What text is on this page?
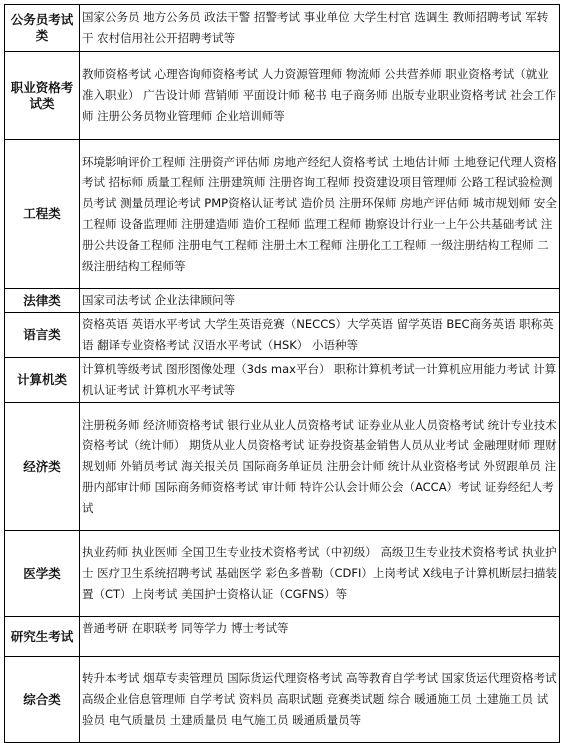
公务员考试类	国家公务员 地方公务员 政法干警 招警考试 事业单位 大学生村官 选调生 教师招聘考试 军转干 农村信用社公开招聘考试等
职业资格考试类	教师资格考试 心理咨询师资格考试 人力资源管理师 物流师 公共营养师 职业资格考试（就业准入职业） 广告设计师 营销师 平面设计师 秘书 电子商务师 出版专业职业资格考试 社会工作师 注册公务员物业管理师 企业培训师等
工程类	环境影响评价工程师 注册资产评估师 房地产经纪人资格考试 土地估计师 土地登记代理人资格考试 招标师 质量工程师 注册建筑师 注册咨询工程师 投资建设项目管理师 公路工程试验检测员考试 测量员理论考试 PMP资格认证考试 造价员 注册环保师 房地产评估师 城市规划师 安全工程师 设备监理师 注册建造师 造价工程师 监理工程师 勘察设计行业一上午公共基础考试 注册公共设备工程师 注册电气工程师 注册土木工程师 注册化工工程师 一级注册结构工程师 二级注册结构工程师等
法律类	国家司法考试 企业法律顾问等
语言类	资格英语 英语水平考试 大学生英语竞赛（NECCS）大学英语 留学英语 BEC商务英语 职称英语 翻译专业资格考试 汉语水平考试（HSK） 小语种等
计算机类	计算机等级考试 图形图像处理（3ds max平台） 职称计算机考试一计算机应用能力考试 计算机认证考试 计算机水平考试等
经济类	注册税务师 经济师资格考试 银行业从业人员资格考试 证券业从业人员资格考试 统计专业技术资格考试（统计师） 期货从业人员资格考试 证券投资基金销售人员从业考试 金融理财师 理财规划师 外销员考试 海关报关员 国际商务单证员 注册会计师 统计从业资格考试 外贸跟单员 注册内部审计师 国际商务师资格考试 审计师 特许公认会计师公会（ACCA）考试 证券经纪人考试
医学类	执业药师 执业医师 全国卫生专业技术资格考试（中初级） 高级卫生专业技术资格考试 执业护士 医疗卫生系统招聘考试 基础医学 彩色多普勒（CDFI）上岗考试 X线电子计算机断层扫描装置（CT）上岗考试 美国护士资格认证（CGFNS）等
研究生考试	普通考研 在职联考 同等学力 博士考试等
综合类	转升本考试 烟草专卖管理员 国际货运代理资格考试 高等教育自学考试 国家货运代理资格考试 高级企业信息管理师 自学考试 资料员 高职试题 竞赛类试题 综合 暖通施工员 土建施工员 试验员 电气质量员 土建质量员 电气施工员 暖通质量员等
